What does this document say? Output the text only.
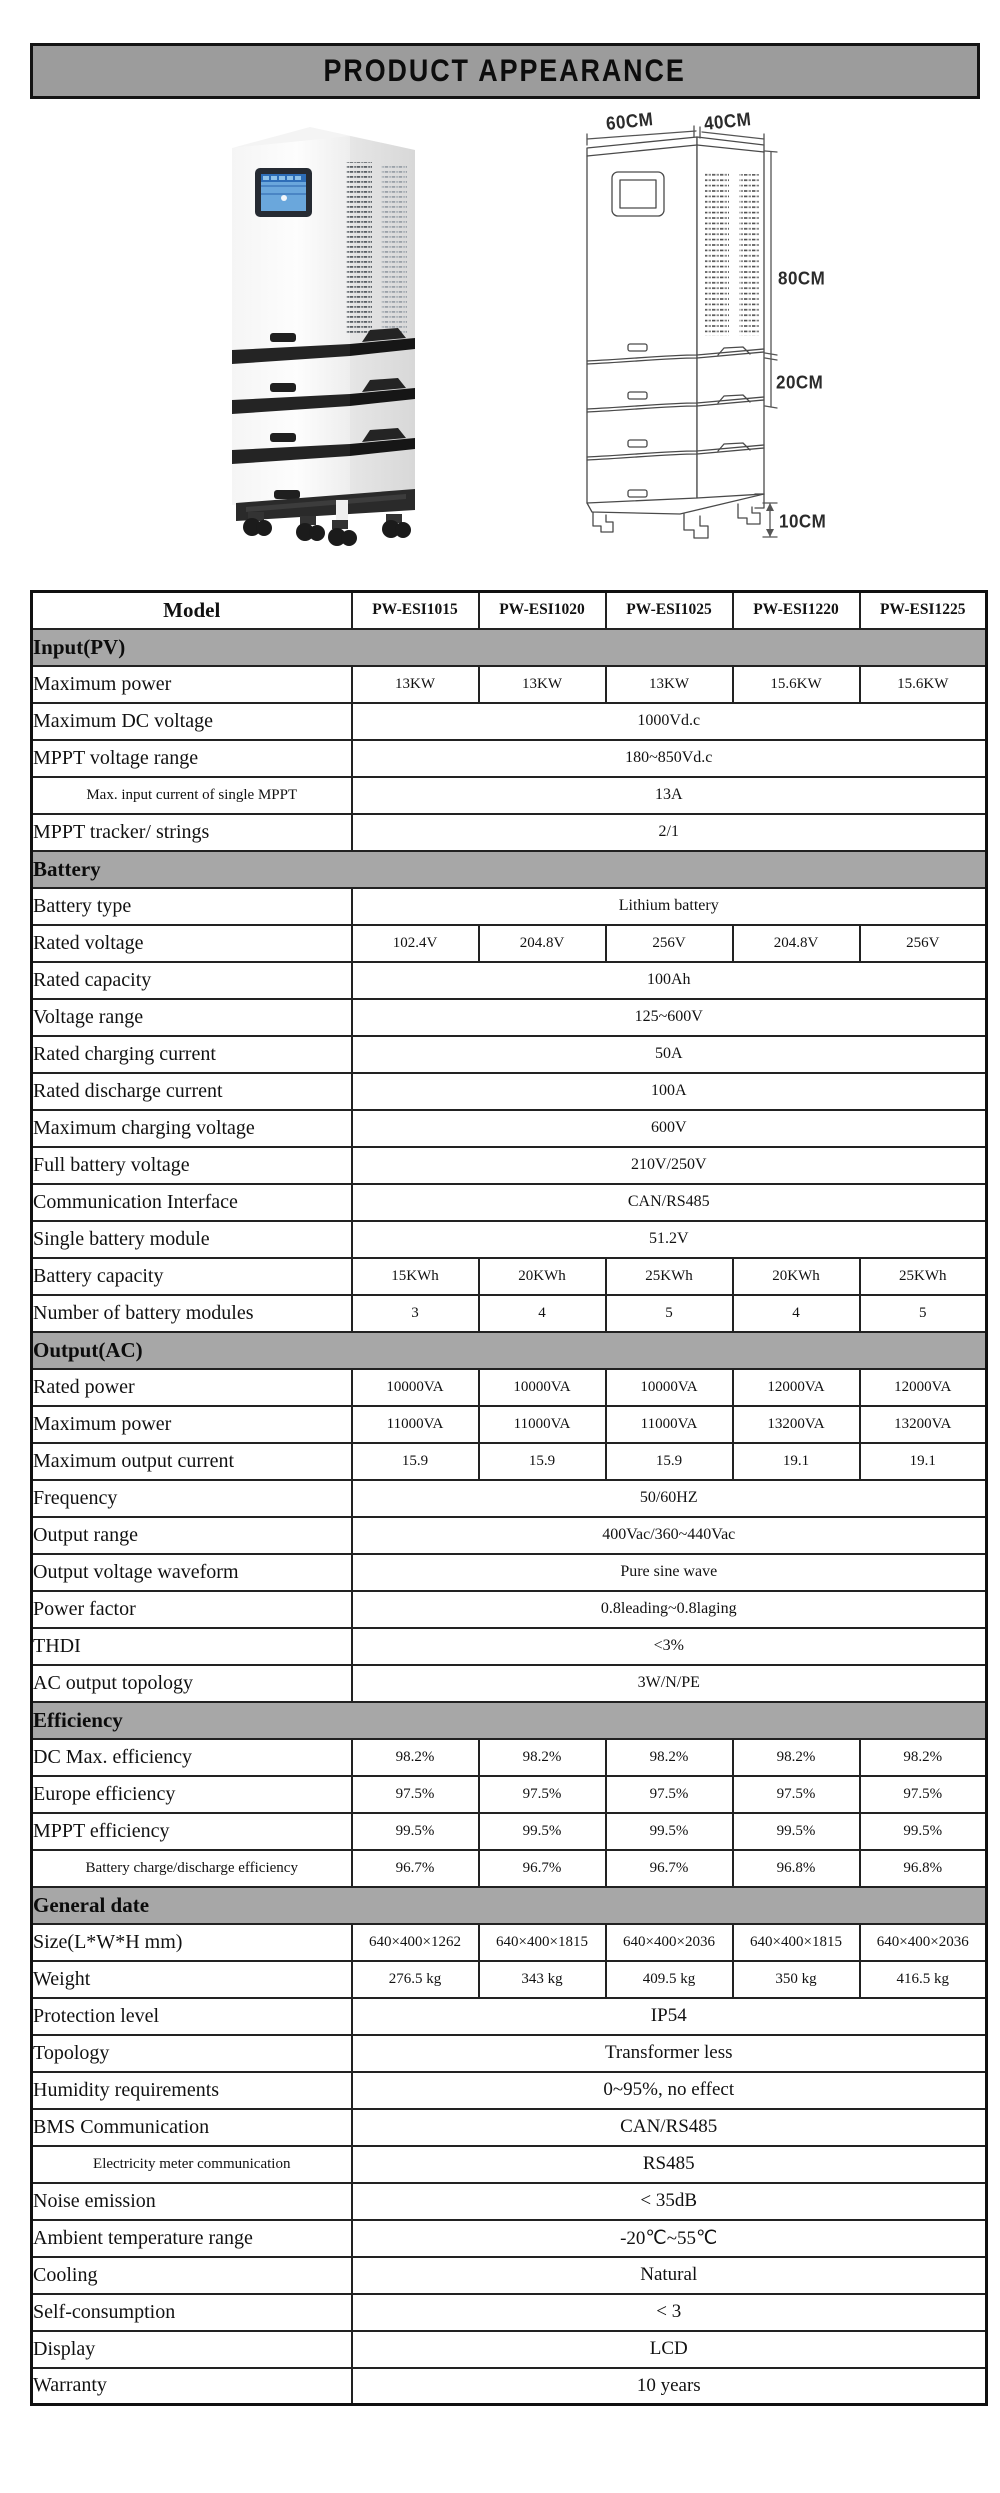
PRODUCT APPEARANCE
60CM	40CM
80CM
20CM
10CM
Model	PW-ESI1015	PW-ESI1020	PW-ESI1025	PW-ESI1220	PW-ESI1225
Input(PV)					
Maximum power	13KW	13KW	13KW	15.6KW	15.6KW
Maximum DC voltage	1000Vd.c				
MPPT voltage range	180~850Vd.c				
Max. input current of single MPPT	13A				
MPPT tracker/ strings	2/1				
Battery					
Battery type	Lithium battery				
Rated voltage	102.4V	204.8V	256V	204.8V	256V
Rated capacity	100Ah				
Voltage range	125~600V				
Rated charging current	50A				
Rated discharge current	100A				
Maximum charging voltage	600V				
Full battery voltage	210V/250V				
Communication Interface	CAN/RS485				
Single battery module	51.2V				
Battery capacity	15KWh	20KWh	25KWh	20KWh	25KWh
Number of battery modules	3	4	5	4	5
Output(AC)					
Rated power	10000VA	10000VA	10000VA	12000VA	12000VA
Maximum power	11000VA	11000VA	11000VA	13200VA	13200VA
Maximum output current	15.9	15.9	15.9	19.1	19.1
Frequency	50/60HZ				
Output range	400Vac/360~440Vac				
Output voltage waveform	Pure sine wave				
Power factor	0.8leading~0.8laging				
THDI	<3%				
AC output topology	3W/N/PE				
Efficiency					
DC Max. efficiency	98.2%	98.2%	98.2%	98.2%	98.2%
Europe efficiency	97.5%	97.5%	97.5%	97.5%	97.5%
MPPT efficiency	99.5%	99.5%	99.5%	99.5%	99.5%
Battery charge/discharge efficiency	96.7%	96.7%	96.7%	96.8%	96.8%
General date					
Size(L*W*H mm)	640×400×1262	640×400×1815	640×400×2036	640×400×1815	640×400×2036
Weight	276.5 kg	343 kg	409.5 kg	350 kg	416.5 kg
Protection level	IP54				
Topology	Transformer less				
Humidity requirements	0~95%, no effect				
BMS Communication	CAN/RS485				
Electricity meter communication	RS485				
Noise emission	< 35dB				
Ambient temperature range	-20℃~55℃				
Cooling	Natural				
Self-consumption	< 3				
Display	LCD				
Warranty	10 years				
